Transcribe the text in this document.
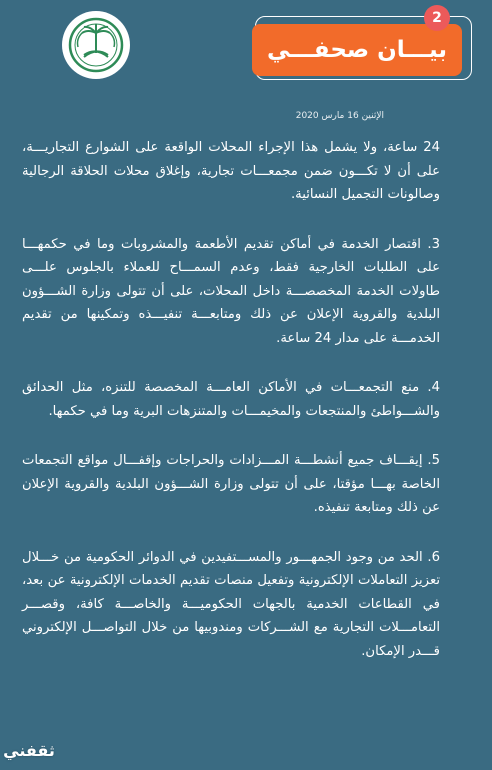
بيـــان صحفـــي
2
الإثنين 16 مارس 2020

24 ساعة، ولا يشمل هذا الإجراء المحلات الواقعة على الشوارع التجاريـــة، على أن لا تكـــون ضمن مجمعـــات تجارية، وإغلاق محلات الحلاقة الرجالية وصالونات التجميل النسائية.

3. اقتصار الخدمة في أماكن تقديم الأطعمة والمشروبات وما في حكمهـــا على الطلبات الخارجية فقط، وعدم السمـــاح للعملاء بالجلوس علـــى طاولات الخدمة المخصصـــة داخل المحلات، على أن تتولى وزارة الشـــؤون البلدية والقروية الإعلان عن ذلك ومتابعـــة تنفيـــذه وتمكينها من تقديم الخدمـــة على مدار 24 ساعة.

4. منع التجمعـــات في الأماكن العامـــة المخصصة للتنزه، مثل الحدائق والشـــواطئ والمنتجعات والمخيمـــات والمتنزهات البرية وما في حكمها.

5. إيقـــاف جميع أنشطـــة المـــزادات والحراجات وإقفـــال مواقع التجمعات الخاصة بهـــا مؤقتا، على أن تتولى وزارة الشـــؤون البلدية والقروية الإعلان عن ذلك ومتابعة تنفيذه.

6. الحد من وجود الجمهـــور والمســـتفيدين في الدوائر الحكومية من خـــلال تعزيز التعاملات الإلكترونية وتفعيل منصات تقديم الخدمات الإلكترونية عن بعد، في القطاعات الخدمية بالجهات الحكوميـــة والخاصـــة كافة، وقصـــر التعامـــلات التجارية مع الشـــركات ومندوبيها من خلال التواصـــل الإلكتروني قـــدر الإمكان.

ثقفني
